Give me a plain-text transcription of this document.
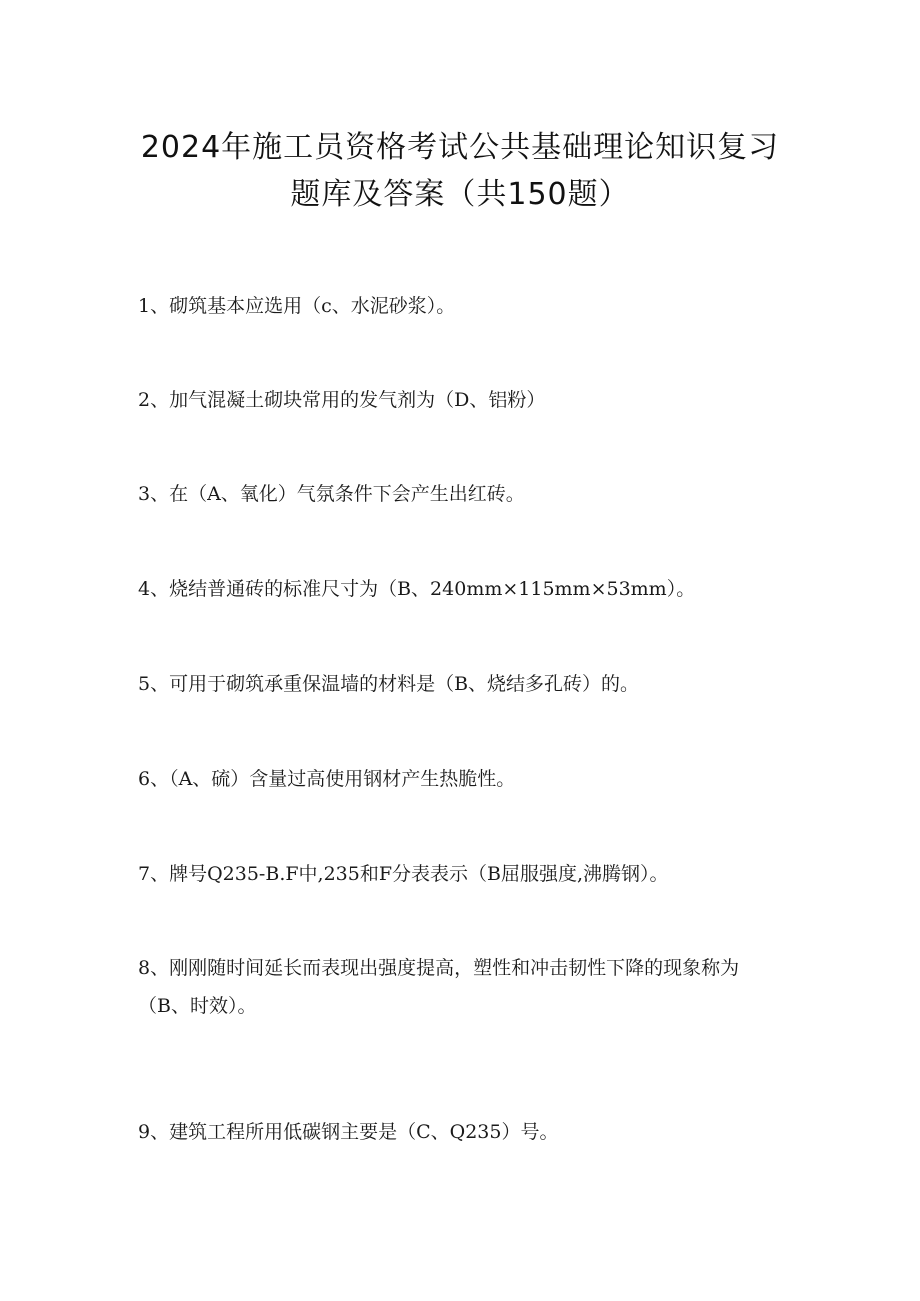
2024年施工员资格考试公共基础理论知识复习
题库及答案（共150题）

1、砌筑基本应选用（c、水泥砂浆）。

2、加气混凝土砌块常用的发气剂为（D、铝粉）

3、在（A、氧化）气氛条件下会产生出红砖。

4、烧结普通砖的标准尺寸为（B、240mm×115mm×53mm）。

5、可用于砌筑承重保温墙的材料是（B、烧结多孔砖）的。

6、（A、硫）含量过高使用钢材产生热脆性。

7、牌号Q235-B.F中,235和F分表表示（B屈服强度,沸腾钢）。

8、刚刚随时间延长而表现出强度提高，塑性和冲击韧性下降的现象称为（B、时效）。

9、建筑工程所用低碳钢主要是（C、Q235）号。
